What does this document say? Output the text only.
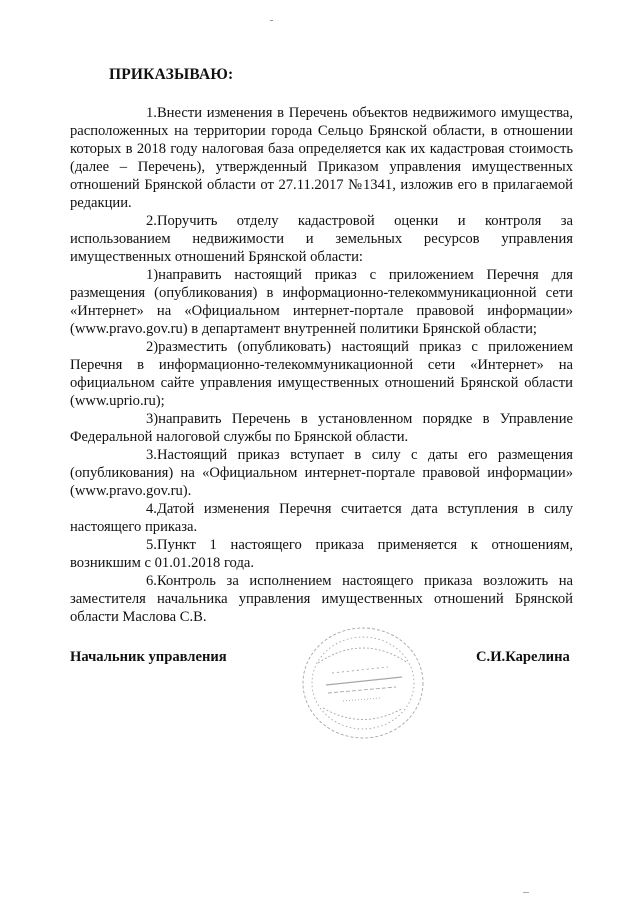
ПРИКАЗЫВАЮ:

1.Внести изменения в Перечень объектов недвижимого имущества, расположенных на территории города Сельцо Брянской области, в отношении которых в 2018 году налоговая база определяется как их кадастровая стоимость (далее – Перечень), утвержденный Приказом управления имущественных отношений Брянской области от 27.11.2017 №1341, изложив его в прилагаемой редакции.

2.Поручить отделу кадастровой оценки и контроля за использованием недвижимости и земельных ресурсов управления имущественных отношений Брянской области:

1)направить настоящий приказ с приложением Перечня для размещения (опубликования) в информационно-телекоммуникационной сети «Интернет» на «Официальном интернет-портале правовой информации» (www.pravo.gov.ru) в департамент внутренней политики Брянской области;

2)разместить (опубликовать) настоящий приказ с приложением Перечня в информационно-телекоммуникационной сети «Интернет» на официальном сайте управления имущественных отношений Брянской области (www.uprio.ru);

3)направить Перечень в установленном порядке в Управление Федеральной налоговой службы по Брянской области.

3.Настоящий приказ вступает в силу с даты его размещения (опубликования) на «Официальном интернет-портале правовой информации» (www.pravo.gov.ru).

4.Датой изменения Перечня считается дата вступления в силу настоящего приказа.

5.Пункт 1 настоящего приказа применяется к отношениям, возникшим с 01.01.2018 года.

6.Контроль за исполнением настоящего приказа возложить на заместителя начальника управления имущественных отношений Брянской области Маслова С.В.

Начальник управления	С.И.Карелина
